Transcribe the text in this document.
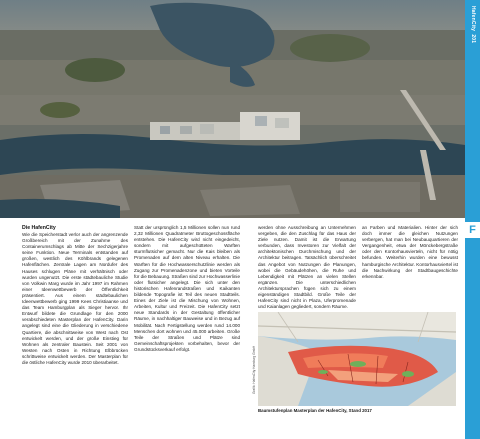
HafenCity  201
F
Die HafenCity

Wie die Speicherstadt verlor auch der angrenzende Großbereich mit der Zunahme des Containerumschlags ab Mitte der Sechzigerjahre seine Funktion. Neue Terminals entstanden auf großen, westlich des Köhlbrands gelegenen Hafenflächen. Zentrale Lagen am Nordufer des Hauses schlugen Pläne mit verhältnisch oder wurden ungenutzt. Die erste städtebauliche Studie von Volkwin Marg wurde im Jahr 1997 im Rahmen einer Ideenwettbewerb der Öffentlichkeit präsentiert. Aus einem städtebaulichen Ideenwettbewerb ging 1999 Kees Christiaanse und das Team Hamburgplan als Sieger hervor. Ihr Entwurf bildete die Grundlage für den 2000 verabschiedeten Masterplan der HafenCity. Darin angelegt sind eine die Gliederung in verschiedene Quartiere, die abschnittweise von West nach Ost entwickelt werden, und der große Einstieg für Wohnen als zentraler Baustein. Seit 2001 von Westen nach Osten in Richtung Elbbrücken schrittweise entwickelt werden. Der Masterplan für die östliche HafenCity wurde 2010 überarbeitet.

Statt der ursprünglich 1,5 Millionen sollen nun rund 2,32 Millionen Quadratmeter Bruttogeschossfläche entstehen. Die HafenCity wird nicht eingedeicht, sondern mit aufgeschütteten Warften sturmflutsicher gemacht. Nur die Kais bleiben als Promenaden auf dem alten Niveau erhalten. Die Warften für die Hochwasserschutzlinie werden als Zugang zur Promenadenzone und bieten Vorteile für die Bebauung. Straßen sind zur Hochwasserlinie oder flutsicher angelegt. Die sich unter den historischen Hafenrandstraßen und Kaikanten bildende Topografie ist Teil des neuen Stadtteils. Eines der Ziele ist die Mischung von Wohnen, Arbeiten, Kultur und Freizeit. Die HafenCity setzt neue Standards in der Gestaltung öffentlicher Räume, in nachhaltiger Bauweise und in Bezug auf Mobilität. Nach Fertigstellung werden rund 14.000 Menschen dort wohnen und 45.000 arbeiten. Große Teile der Straßen und Plätze sind Gemeinschaftsprojekten vorbehalten, bevor der Grundstücksverkauf erfolgt.

werden ohne Ausschreibung an Unternehmen vergeben, die den Zuschlag für das Haus der Ziele nutzen. Damit ist die Erwartung verbunden, dass Investoren zur Vielfalt der architektonischen Durchmischung und der Architektur beitragen. Tatsächlich überschreitet das Angebot von Nutzungen die Planungen, wobei die Gebäudehöhen, die Ruhe und Lebendigkeit mit Plätzen an vielen Stellen ergänzen. Die unterschiedlichen Architektursprachen fügen sich zu einem eigenständigen Stadtbild. Große Teile der HafenCity sind nicht in Plaza, Uferpromenade und Kaianlagen gegliedert, sondern Räume.

an Farben und Materialien. Hinter der sich doch immer die gleichen Nutzungen verbergen, hat man bei Neubauquartieren der Vergangenheit, etwa der Mönckebergstraße oder den Kontorhausvierteln, nicht für nötig befunden. Weiterhin wurden eine bewusst hamburgische Architektur. Kontorhausviertel ist die Nachwirkung der Stadtbaugeschichte erkennbar.

Grafik: HafenCity Hamburg GmbH
Baumstufenplan Masterplan der HafenCity, Stand 2017
